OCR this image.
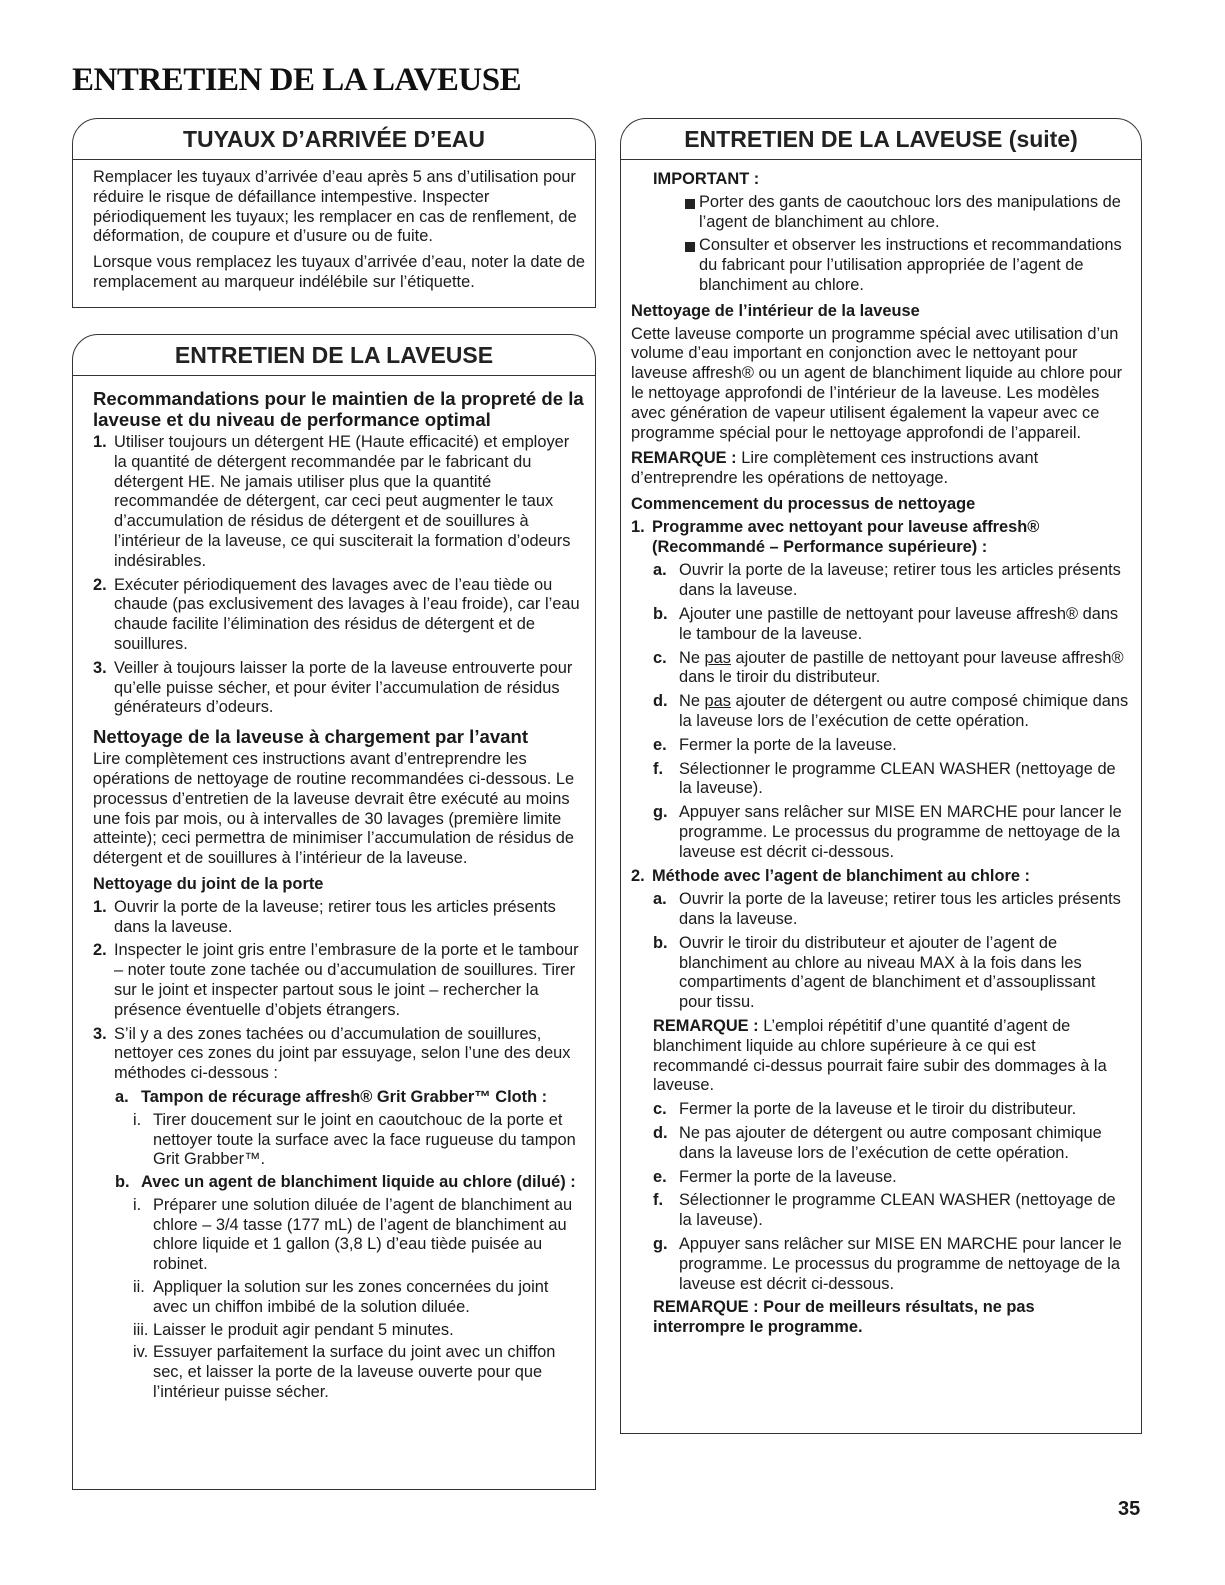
ENTRETIEN DE LA LAVEUSE
TUYAUX D’ARRIVÉE D’EAU

Remplacer les tuyaux d’arrivée d’eau après 5 ans d’utilisation pour réduire le risque de défaillance intempestive. Inspecter périodiquement les tuyaux; les remplacer en cas de renflement, de déformation, de coupure et d’usure ou de fuite.

Lorsque vous remplacez les tuyaux d’arrivée d’eau, noter la date de remplacement au marqueur indélébile sur l’étiquette.

ENTRETIEN DE LA LAVEUSE
Recommandations pour le maintien de la propreté de la laveuse et du niveau de performance optimal
1. Utiliser toujours un détergent HE (Haute efficacité) et employer la quantité de détergent recommandée par le fabricant du détergent HE. Ne jamais utiliser plus que la quantité recommandée de détergent, car ceci peut augmenter le taux d’accumulation de résidus de détergent et de souillures à l’intérieur de la laveuse, ce qui susciterait la formation d’odeurs indésirables.
2. Exécuter périodiquement des lavages avec de l’eau tiède ou chaude (pas exclusivement des lavages à l’eau froide), car l’eau chaude facilite l’élimination des résidus de détergent et de souillures.
3. Veiller à toujours laisser la porte de la laveuse entrouverte pour qu’elle puisse sécher, et pour éviter l’accumulation de résidus générateurs d’odeurs.
Nettoyage de la laveuse à chargement par l’avant

Lire complètement ces instructions avant d’entreprendre les opérations de nettoyage de routine recommandées ci-dessous. Le processus d’entretien de la laveuse devrait être exécuté au moins une fois par mois, ou à intervalles de 30 lavages (première limite atteinte); ceci permettra de minimiser l’accumulation de résidus de détergent et de souillures à l’intérieur de la laveuse.

Nettoyage du joint de la porte
1. Ouvrir la porte de la laveuse; retirer tous les articles présents dans la laveuse.
2. Inspecter le joint gris entre l’embrasure de la porte et le tambour – noter toute zone tachée ou d’accumulation de souillures. Tirer sur le joint et inspecter partout sous le joint – rechercher la présence éventuelle d’objets étrangers.
3. S’il y a des zones tachées ou d’accumulation de souillures, nettoyer ces zones du joint par essuyage, selon l’une des deux méthodes ci-dessous :
a. Tampon de récurage affresh® Grit Grabber™ Cloth :
i. Tirer doucement sur le joint en caoutchouc de la porte et nettoyer toute la surface avec la face rugueuse du tampon Grit Grabber™.
b. Avec un agent de blanchiment liquide au chlore (dilué) :
i. Préparer une solution diluée de l’agent de blanchiment au chlore – 3/4 tasse (177 mL) de l’agent de blanchiment au chlore liquide et 1 gallon (3,8 L) d’eau tiède puisée au robinet.
ii. Appliquer la solution sur les zones concernées du joint avec un chiffon imbibé de la solution diluée.
iii. Laisser le produit agir pendant 5 minutes.
iv. Essuyer parfaitement la surface du joint avec un chiffon sec, et laisser la porte de la laveuse ouverte pour que l’intérieur puisse sécher.
ENTRETIEN DE LA LAVEUSE (suite)
IMPORTANT :
Porter des gants de caoutchouc lors des manipulations de l’agent de blanchiment au chlore.
Consulter et observer les instructions et recommandations du fabricant pour l’utilisation appropriée de l’agent de blanchiment au chlore.
Nettoyage de l’intérieur de la laveuse

Cette laveuse comporte un programme spécial avec utilisation d’un volume d’eau important en conjonction avec le nettoyant pour laveuse affresh® ou un agent de blanchiment liquide au chlore pour le nettoyage approfondi de l’intérieur de la laveuse. Les modèles avec génération de vapeur utilisent également la vapeur avec ce programme spécial pour le nettoyage approfondi de l’appareil.

REMARQUE : Lire complètement ces instructions avant d’entreprendre les opérations de nettoyage.

Commencement du processus de nettoyage
1. Programme avec nettoyant pour laveuse affresh® (Recommandé – Performance supérieure) :
a. Ouvrir la porte de la laveuse; retirer tous les articles présents dans la laveuse.
b. Ajouter une pastille de nettoyant pour laveuse affresh® dans le tambour de la laveuse.
c. Ne pas ajouter de pastille de nettoyant pour laveuse affresh® dans le tiroir du distributeur.
d. Ne pas ajouter de détergent ou autre composé chimique dans la laveuse lors de l’exécution de cette opération.
e. Fermer la porte de la laveuse.
f. Sélectionner le programme CLEAN WASHER (nettoyage de la laveuse).
g. Appuyer sans relâcher sur MISE EN MARCHE pour lancer le programme. Le processus du programme de nettoyage de la laveuse est décrit ci-dessous.
2. Méthode avec l’agent de blanchiment au chlore :
a. Ouvrir la porte de la laveuse; retirer tous les articles présents dans la laveuse.
b. Ouvrir le tiroir du distributeur et ajouter de l’agent de blanchiment au chlore au niveau MAX à la fois dans les compartiments d’agent de blanchiment et d’assouplissant pour tissu.

REMARQUE : L’emploi répétitif d’une quantité d’agent de blanchiment liquide au chlore supérieure à ce qui est recommandé ci-dessus pourrait faire subir des dommages à la laveuse.

c. Fermer la porte de la laveuse et le tiroir du distributeur.
d. Ne pas ajouter de détergent ou autre composant chimique dans la laveuse lors de l’exécution de cette opération.
e. Fermer la porte de la laveuse.
f. Sélectionner le programme CLEAN WASHER (nettoyage de la laveuse).
g. Appuyer sans relâcher sur MISE EN MARCHE pour lancer le programme. Le processus du programme de nettoyage de la laveuse est décrit ci-dessous.

REMARQUE : Pour de meilleurs résultats, ne pas interrompre le programme.

35
